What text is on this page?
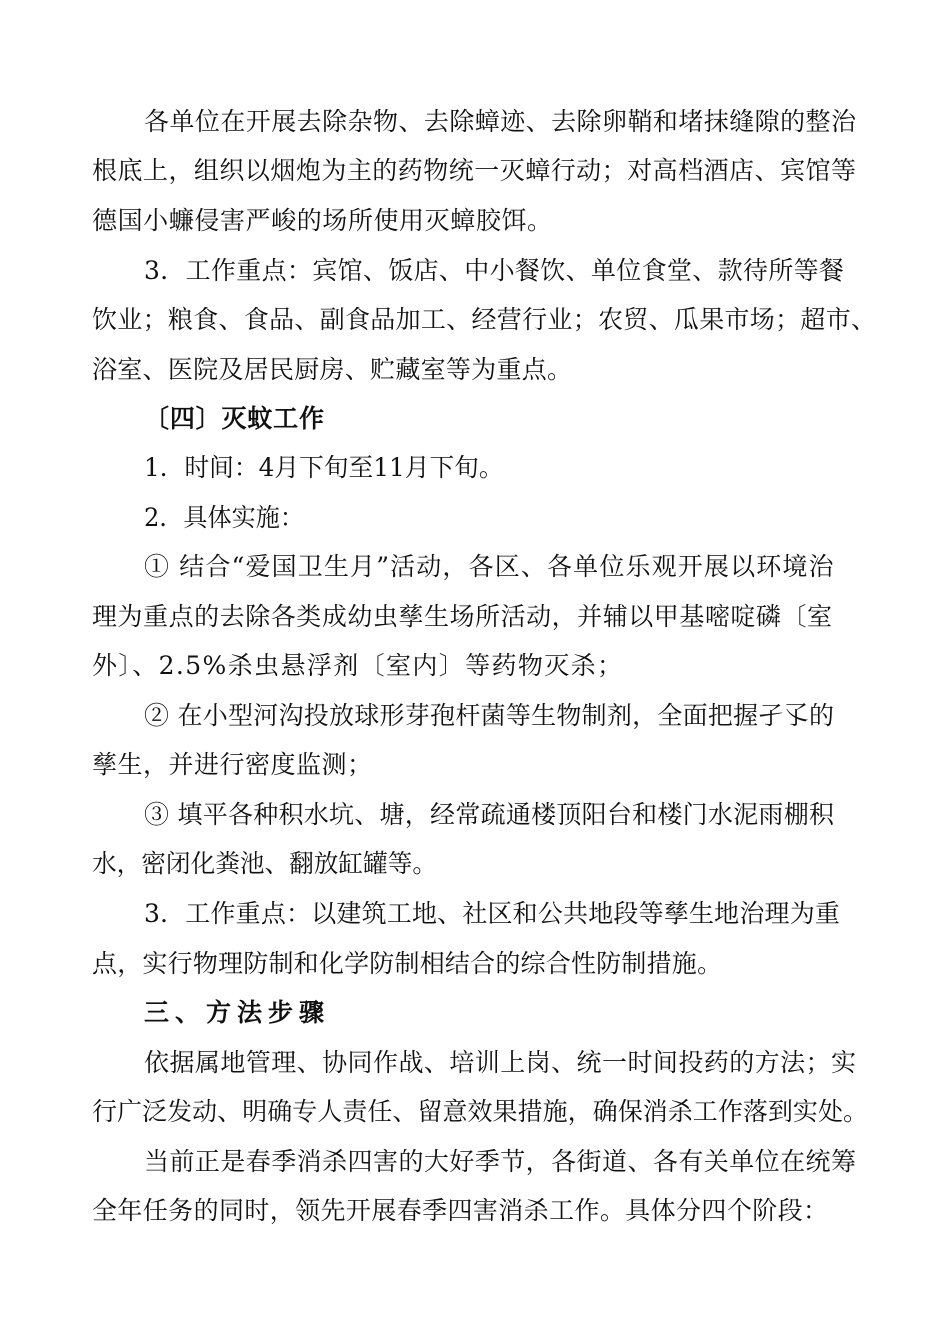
各单位在开展去除杂物、去除蟑迹、去除卵鞘和堵抹缝隙的整治
根底上，组织以烟炮为主的药物统一灭蟑行动；对高档酒店、宾馆等
德国小蠊侵害严峻的场所使用灭蟑胶饵。
3．工作重点：宾馆、饭店、中小餐饮、单位食堂、款待所等餐
饮业；粮食、食品、副食品加工、经营行业；农贸、瓜果市场；超市、
浴室、医院及居民厨房、贮藏室等为重点。
〔四〕灭蚊工作
1．时间：4月下旬至11月下旬。
2．具体实施：
① 结合“爱国卫生月”活动，各区、各单位乐观开展以环境治
理为重点的去除各类成幼虫孳生场所活动，并辅以甲基嘧啶磷〔室
外〕、2.5%杀虫悬浮剂〔室内〕等药物灭杀；
② 在小型河沟投放球形芽孢杆菌等生物制剂，全面把握孑孓的
孳生，并进行密度监测；
③ 填平各种积水坑、塘，经常疏通楼顶阳台和楼门水泥雨棚积
水，密闭化粪池、翻放缸罐等。
3．工作重点：以建筑工地、社区和公共地段等孳生地治理为重
点，实行物理防制和化学防制相结合的综合性防制措施。
三、方法步骤
依据属地管理、协同作战、培训上岗、统一时间投药的方法；实
行广泛发动、明确专人责任、留意效果措施，确保消杀工作落到实处。
当前正是春季消杀四害的大好季节，各街道、各有关单位在统筹
全年任务的同时，领先开展春季四害消杀工作。具体分四个阶段：
